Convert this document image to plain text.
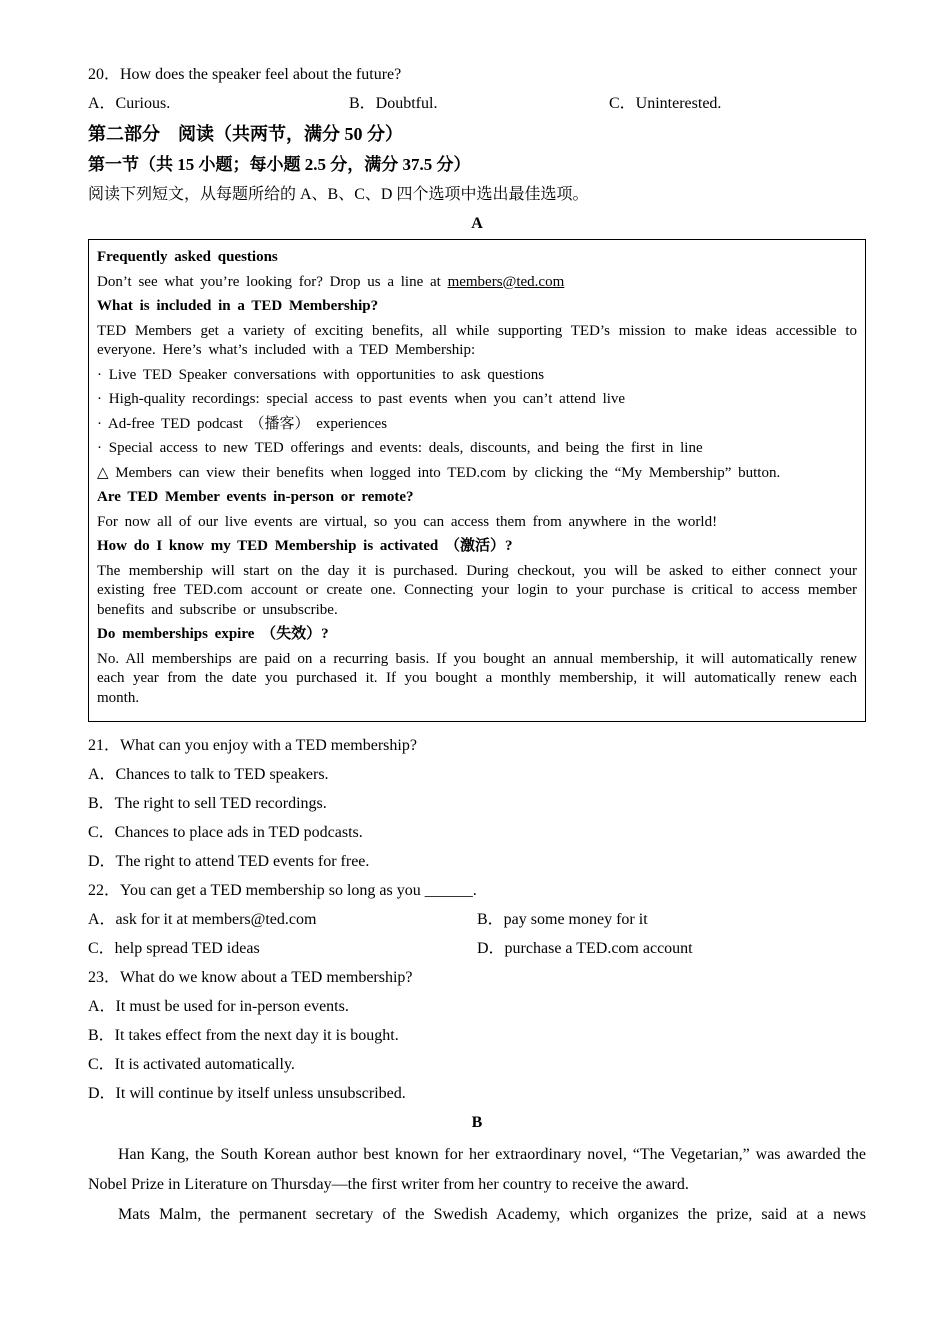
20．How does the speaker feel about the future?
A．Curious.	B．Doubtful.	C．Uninterested.
第二部分　阅读（共两节，满分 50 分）
第一节（共 15 小题；每小题 2.5 分，满分 37.5 分）
阅读下列短文，从每题所给的 A、B、C、D 四个选项中选出最佳选项。
A

Frequently asked questions

Don’t see what you’re looking for? Drop us a line at members@ted.com

What is included in a TED Membership?

TED Members get a variety of exciting benefits, all while supporting TED’s mission to make ideas accessible to everyone. Here’s what’s included with a TED Membership:

· Live TED Speaker conversations with opportunities to ask questions

· High-quality recordings: special access to past events when you can’t attend live

· Ad-free TED podcast （播客） experiences

· Special access to new TED offerings and events: deals, discounts, and being the first in line

△ Members can view their benefits when logged into TED.com by clicking the “My Membership” button.

Are TED Member events in-person or remote?

For now all of our live events are virtual, so you can access them from anywhere in the world!

How do I know my TED Membership is activated （激活）?

The membership will start on the day it is purchased. During checkout, you will be asked to either connect your existing free TED.com account or create one. Connecting your login to your purchase is critical to access member benefits and subscribe or unsubscribe.

Do memberships expire （失效）?

No. All memberships are paid on a recurring basis. If you bought an annual membership, it will automatically renew each year from the date you purchased it. If you bought a monthly membership, it will automatically renew each month.

21．What can you enjoy with a TED membership?
A．Chances to talk to TED speakers.
B．The right to sell TED recordings.
C．Chances to place ads in TED podcasts.
D．The right to attend TED events for free.
22．You can get a TED membership so long as you ______.
A．ask for it at members@ted.com	B．pay some money for it
C．help spread TED ideas	D．purchase a TED.com account
23．What do we know about a TED membership?
A．It must be used for in-person events.
B．It takes effect from the next day it is bought.
C．It is activated automatically.
D．It will continue by itself unless unsubscribed.
B

Han Kang, the South Korean author best known for her extraordinary novel, “The Vegetarian,” was awarded the Nobel Prize in Literature on Thursday—the first writer from her country to receive the award.

Mats Malm, the permanent secretary of the Swedish Academy, which organizes the prize, said at a news
